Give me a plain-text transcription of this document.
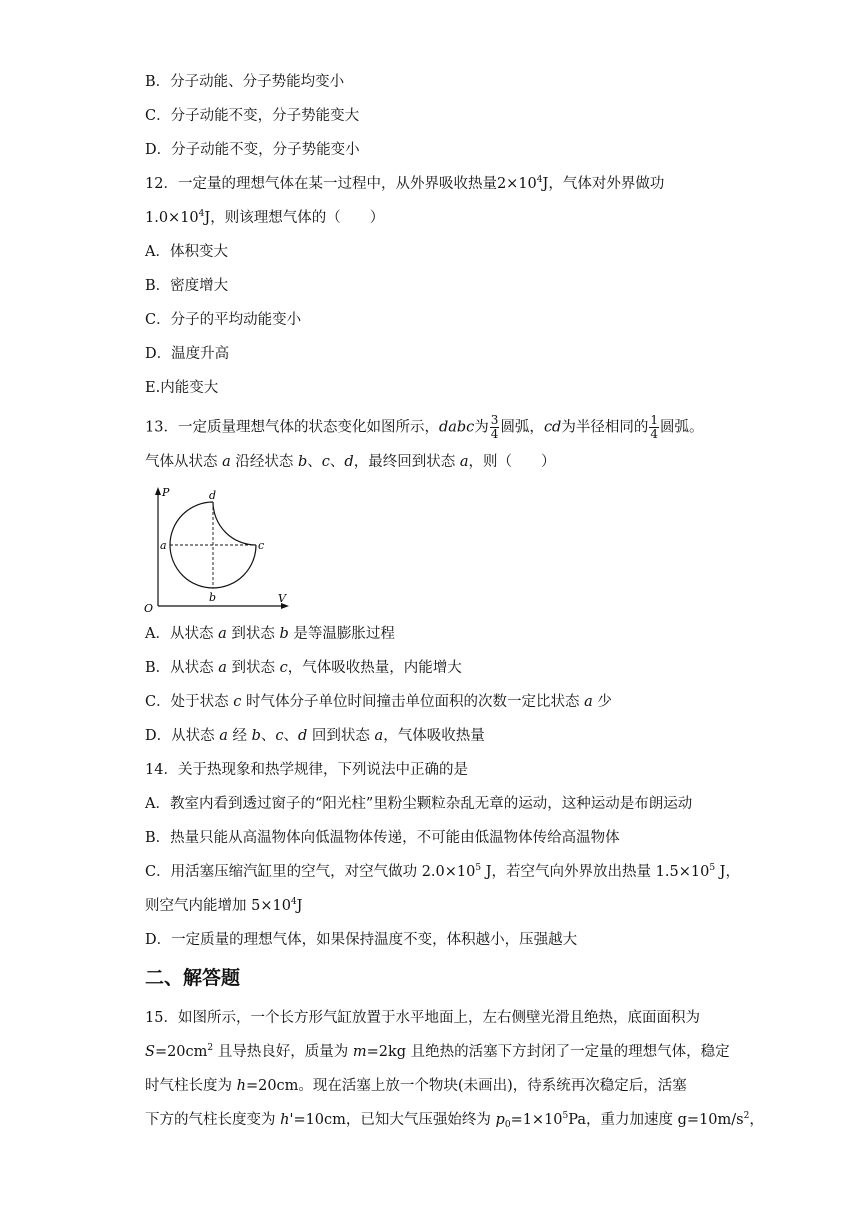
B．分子动能、分子势能均变小
C．分子动能不变，分子势能变大
D．分子动能不变，分子势能变小
12．一定量的理想气体在某一过程中，从外界吸收热量$2\times 10^4J$，气体对外界做功
$1.0\times 10^4J$，则该理想气体的（　　）
A．体积变大
B．密度增大
C．分子的平均动能变小
D．温度升高
E.内能变大
13．一定质量理想气体的状态变化如图所示，dabc为 $\frac{3}{4}$ 圆弧，cd为半径相同的 $\frac{1}{4}$ 圆弧。
气体从状态 a 沿经状态 b、c、d，最终回到状态 a，则（　　）
P
V
O
a
b
c
d
A．从状态 a 到状态 b 是等温膨胀过程
B．从状态 a 到状态 c，气体吸收热量，内能增大
C．处于状态 c 时气体分子单位时间撞击单位面积的次数一定比状态 a 少
D．从状态 a 经 b、c、d 回到状态 a，气体吸收热量
14．关于热现象和热学规律，下列说法中正确的是
A．教室内看到透过窗子的“阳光柱”里粉尘颗粒杂乱无章的运动，这种运动是布朗运动
B．热量只能从高温物体向低温物体传递，不可能由低温物体传给高温物体
C．用活塞压缩汽缸里的空气，对空气做功 $2.0\times 10^5$ J，若空气向外界放出热量 $1.5\times 10^5$ J，
则空气内能增加 $5\times 10^4J$
D．一定质量的理想气体，如果保持温度不变，体积越小，压强越大
二、解答题
15．如图所示，一个长方形气缸放置于水平地面上，左右侧壁光滑且绝热，底面面积为
$S=20cm^2$ 且导热良好，质量为 m=2kg 且绝热的活塞下方封闭了一定量的理想气体，稳定
时气柱长度为 h=20cm。现在活塞上放一个物块(未画出)，待系统再次稳定后，活塞
下方的气柱长度变为 h'=10cm，已知大气压强始终为 $p_0=1\times 10^5Pa$，重力加速度 $g=10m/s^2$，
